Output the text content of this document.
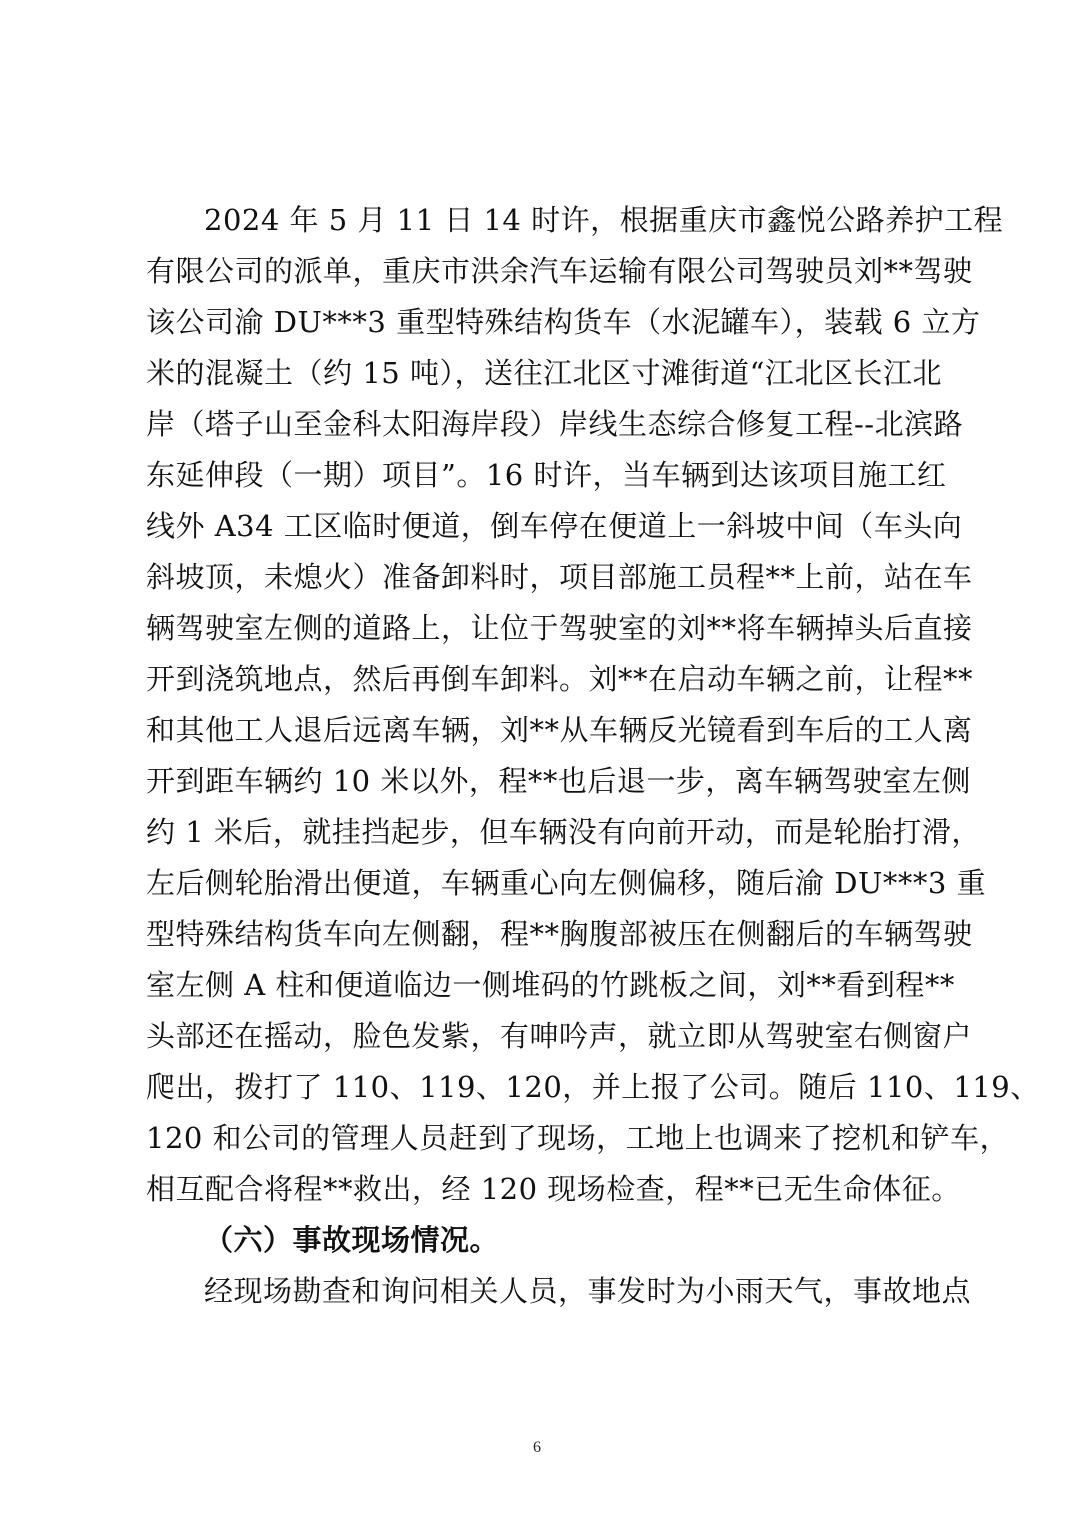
2024 年 5 月 11 日 14 时许，根据重庆市鑫悦公路养护工程
有限公司的派单，重庆市洪余汽车运输有限公司驾驶员刘**驾驶
该公司渝 DU***3 重型特殊结构货车（水泥罐车），装载 6 立方
米的混凝土（约 15 吨），送往江北区寸滩街道“江北区长江北
岸（塔子山至金科太阳海岸段）岸线生态综合修复工程--北滨路
东延伸段（一期）项目”。16 时许，当车辆到达该项目施工红
线外 A34 工区临时便道，倒车停在便道上一斜坡中间（车头向
斜坡顶，未熄火）准备卸料时，项目部施工员程**上前，站在车
辆驾驶室左侧的道路上，让位于驾驶室的刘**将车辆掉头后直接
开到浇筑地点，然后再倒车卸料。刘**在启动车辆之前，让程**
和其他工人退后远离车辆，刘**从车辆反光镜看到车后的工人离
开到距车辆约 10 米以外，程**也后退一步，离车辆驾驶室左侧
约 1 米后，就挂挡起步，但车辆没有向前开动，而是轮胎打滑，
左后侧轮胎滑出便道，车辆重心向左侧偏移，随后渝 DU***3 重
型特殊结构货车向左侧翻，程**胸腹部被压在侧翻后的车辆驾驶
室左侧 A 柱和便道临边一侧堆码的竹跳板之间，刘**看到程**
头部还在摇动，脸色发紫，有呻吟声，就立即从驾驶室右侧窗户
爬出，拨打了 110、119、120，并上报了公司。随后 110、119、
120 和公司的管理人员赶到了现场，工地上也调来了挖机和铲车，
相互配合将程**救出，经 120 现场检查，程**已无生命体征。
（六）事故现场情况。
经现场勘查和询问相关人员，事发时为小雨天气，事故地点
6
